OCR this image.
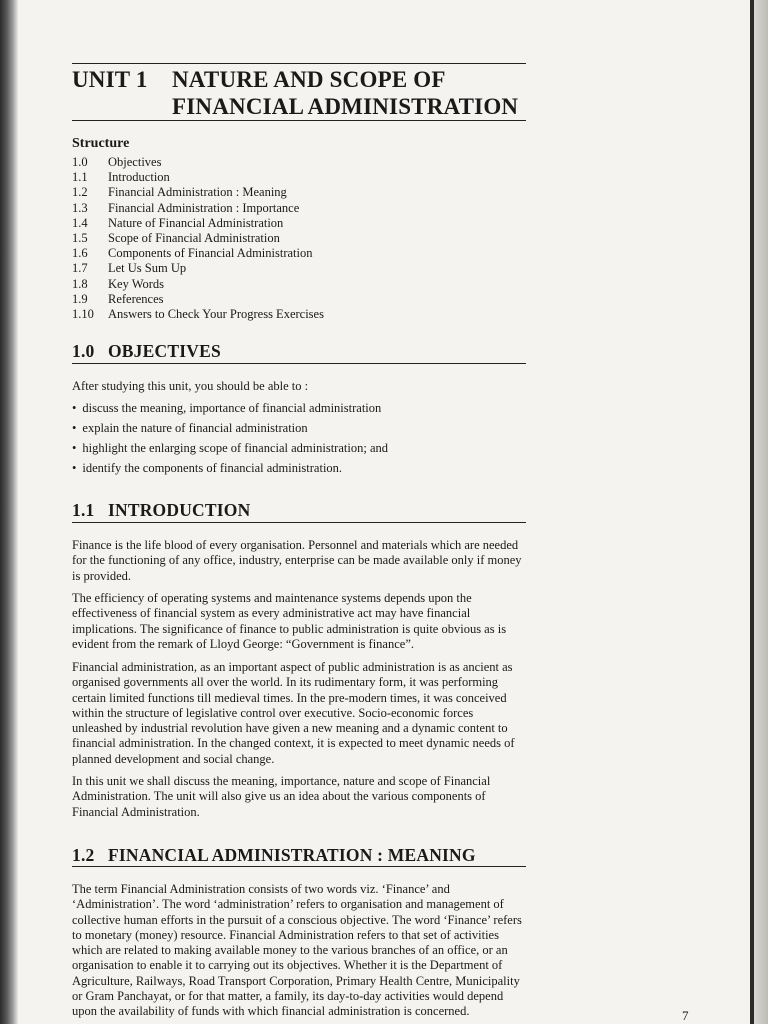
UNIT 1 NATURE AND SCOPE OF
FINANCIAL ADMINISTRATION
Structure
1.0	Objectives
1.1	Introduction
1.2	Financial Administration : Meaning
1.3	Financial Administration : Importance
1.4	Nature of Financial Administration
1.5	Scope of Financial Administration
1.6	Components of Financial Administration
1.7	Let Us Sum Up
1.8	Key Words
1.9	References
1.10	Answers to Check Your Progress Exercises
1.0 OBJECTIVES
After studying this unit, you should be able to :
• discuss the meaning, importance of financial administration
• explain the nature of financial administration
• highlight the enlarging scope of financial administration; and
• identify the components of financial administration.
1.1 INTRODUCTION
Finance is the life blood of every organisation. Personnel and materials which are needed for the functioning of any office, industry, enterprise can be made available only if money is provided.
The efficiency of operating systems and maintenance systems depends upon the effectiveness of financial system as every administrative act may have financial implications. The significance of finance to public administration is quite obvious as is evident from the remark of Lloyd George: “Government is finance”.
Financial administration, as an important aspect of public administration is as ancient as organised governments all over the world. In its rudimentary form, it was performing certain limited functions till medieval times. In the pre-modern times, it was conceived within the structure of legislative control over executive. Socio-economic forces unleashed by industrial revolution have given a new meaning and a dynamic content to financial administration. In the changed context, it is expected to meet dynamic needs of planned development and social change.
In this unit we shall discuss the meaning, importance, nature and scope of Financial Administration. The unit will also give us an idea about the various components of Financial Administration.
1.2 FINANCIAL ADMINISTRATION : MEANING
The term Financial Administration consists of two words viz. ‘Finance’ and ‘Administration’. The word ‘administration’ refers to organisation and management of collective human efforts in the pursuit of a conscious objective. The word ‘Finance’ refers to monetary (money) resource. Financial Administration refers to that set of activities which are related to making available money to the various branches of an office, or an organisation to enable it to carrying out its objectives. Whether it is the Department of Agriculture, Railways, Road Transport Corporation, Primary Health Centre, Municipality or Gram Panchayat, or for that matter, a family, its day-to-day activities would depend upon the availability of funds with which financial administration is concerned.	7
